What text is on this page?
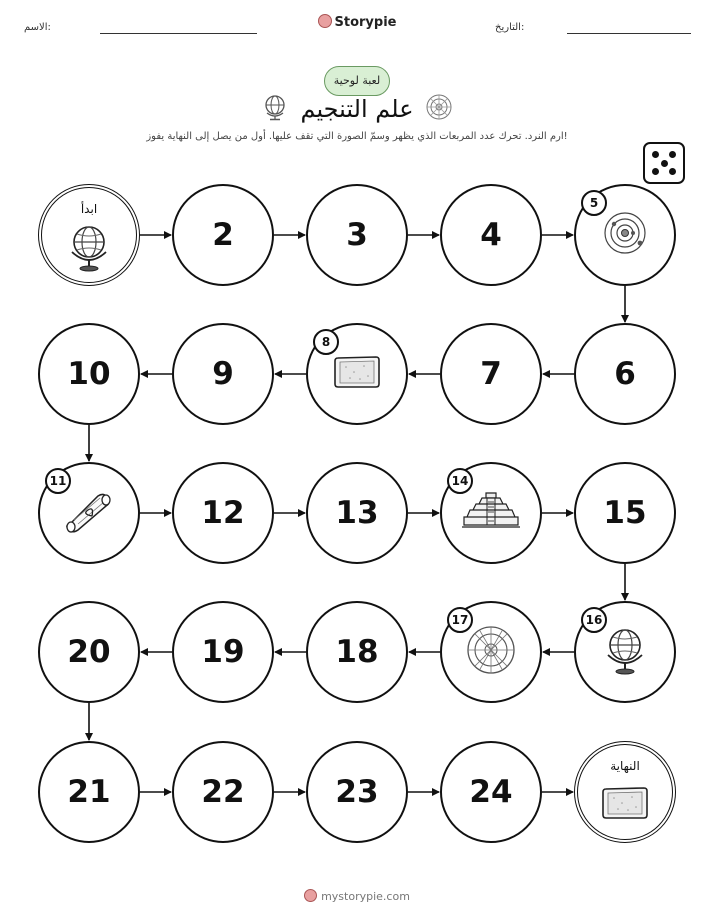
الاسم:	Storypie	التاريخ:
لعبة لوحية
علم التنجيم
ارم النرد. تحرك عدد المربعات الذي يظهر وسمّ الصورة التي تقف عليها. أول من يصل إلى النهاية يفوز!
ابدأ
2	3	4
5
6
7
8
9
10
11
12	13
14
15
16
17
18
19
20
21	22	23	24
النهاية
mystorypie.com
